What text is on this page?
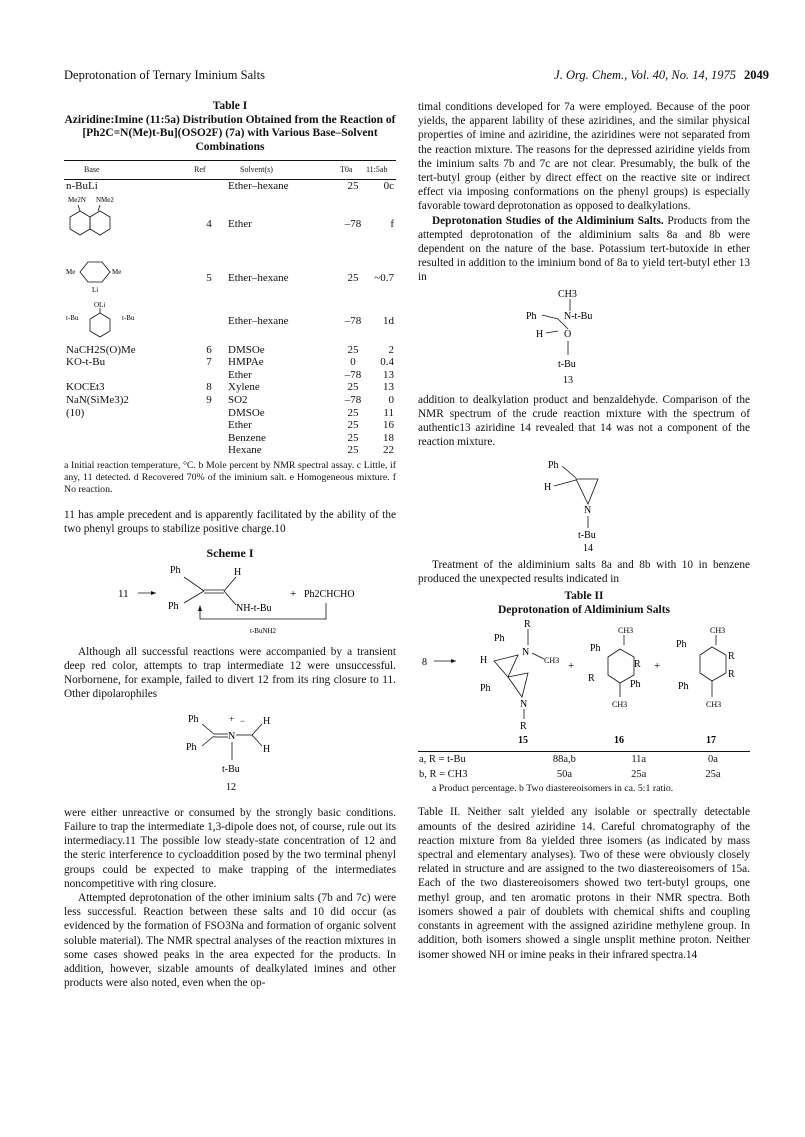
Deprotonation of Ternary Iminium Salts	J. Org. Chem., Vol. 40, No. 14, 1975 2049
Table I
Aziridine:Imine (11:5a) Distribution Obtained from the Reaction of [Ph2C=N(Me)t-Bu](OSO2F) (7a) with Various Base–Solvent Combinations
Base	Ref	Solvent(s)	T0a	11:5ab
n-BuLi		Ether–hexane	25	0c

Me2N NMe2	4	Ether	–78	f

Me Me
Li	5	Ether–hexane	25	~0.7

OLi
t-Bu t-Bu		Ether–hexane	–78	1d
NaCH2S(O)Me	6	DMSOe	25	2
KO-t-Bu	7	HMPAe	0	0.4
		Ether	–78	13
KOCEt3	8	Xylene	25	13
NaN(SiMe3)2	9	SO2	–78	0
(10)		DMSOe	25	11
		Ether	25	16
		Benzene	25	18
		Hexane	25	22
a Initial reaction temperature, °C. b Mole percent by NMR spectral assay. c Little, if any, 11 detected. d Recovered 70% of the iminium salt. e Homogeneous mixture. f No reaction.

11 has ample precedent and is apparently facilitated by the ability of the two phenyl groups to stabilize positive charge.10

Scheme I
11
Ph
Ph
H
NH-t-Bu
+ Ph2CHCHO
t-BuNH2

Although all successful reactions were accompanied by a transient deep red color, attempts to trap intermediate 12 were unsuccessful. Norbornene, for example, failed to divert 12 from its ring closure to 11. Other dipolarophiles

Ph
Ph
N
+ − H
H
t-Bu
12

were either unreactive or consumed by the strongly basic conditions. Failure to trap the intermediate 1,3-dipole does not, of course, rule out its intermediacy.11 The possible low steady-state concentration of 12 and the steric interference to cycloaddition posed by the two terminal phenyl groups could be expected to make trapping of the intermediates noncompetitive with ring closure.

Attempted deprotonation of the other iminium salts (7b and 7c) were less successful. Reaction between these salts and 10 did occur (as evidenced by the formation of FSO3Na and formation of organic solvent soluble material). The NMR spectral analyses of the reaction mixtures in some cases showed peaks in the area expected for the products. In addition, however, sizable amounts of dealkylated imines and other products were also noted, even when the op-

timal conditions developed for 7a were employed. Because of the poor yields, the apparent lability of these aziridines, and the similar physical properties of imine and aziridine, the aziridines were not separated from the reaction mixture. The reasons for the depressed aziridine yields from the iminium salts 7b and 7c are not clear. Presumably, the bulk of the tert-butyl group (either by direct effect on the reactive site or indirect effect via imposing conformations on the phenyl groups) is especially favorable toward deprotonation as opposed to dealkylations.

Deprotonation Studies of the Aldiminium Salts. Products from the attempted deprotonation of the aldiminium salts 8a and 8b were dependent on the nature of the base. Potassium tert-butoxide in ether resulted in addition to the iminium bond of 8a to yield tert-butyl ether 13 in

CH3
Ph	N-t-Bu
H O
t-Bu
13

addition to dealkylation product and benzaldehyde. Comparison of the NMR spectrum of the crude reaction mixture with the spectrum of authentic13 aziridine 14 revealed that 14 was not a component of the reaction mixture.

Ph
H
N
t-Bu
14

Treatment of the aldiminium salts 8a and 8b with 10 in benzene produced the unexpected results indicated in

Table II
Deprotonation of Aldiminium Salts
R
Ph
N
CH3
8	H
Ph
N
R
15
+
CH3
Ph
R
R
Ph
CH3
16
+
CH3
Ph
R
R
Ph
CH3
17
a, R = t-Bu	88a,b	11a	0a
b, R = CH3	50a	25a	25a
a Product percentage. b Two diastereoisomers in ca. 5:1 ratio.

Table II. Neither salt yielded any isolable or spectrally detectable amounts of the desired aziridine 14. Careful chromatography of the reaction mixture from 8a yielded three isomers (as indicated by mass spectral and elementary analyses). Two of these were obviously closely related in structure and are assigned to the two diastereoisomers of 15a. Each of the two diastereoisomers showed two tert-butyl groups, one methyl group, and ten aromatic protons in their NMR spectra. Both isomers showed a pair of doublets with chemical shifts and coupling constants in agreement with the assigned aziridine methylene group. In addition, both isomers showed a single unsplit methine proton. Neither isomer showed NH or imine peaks in their infrared spectra.14
